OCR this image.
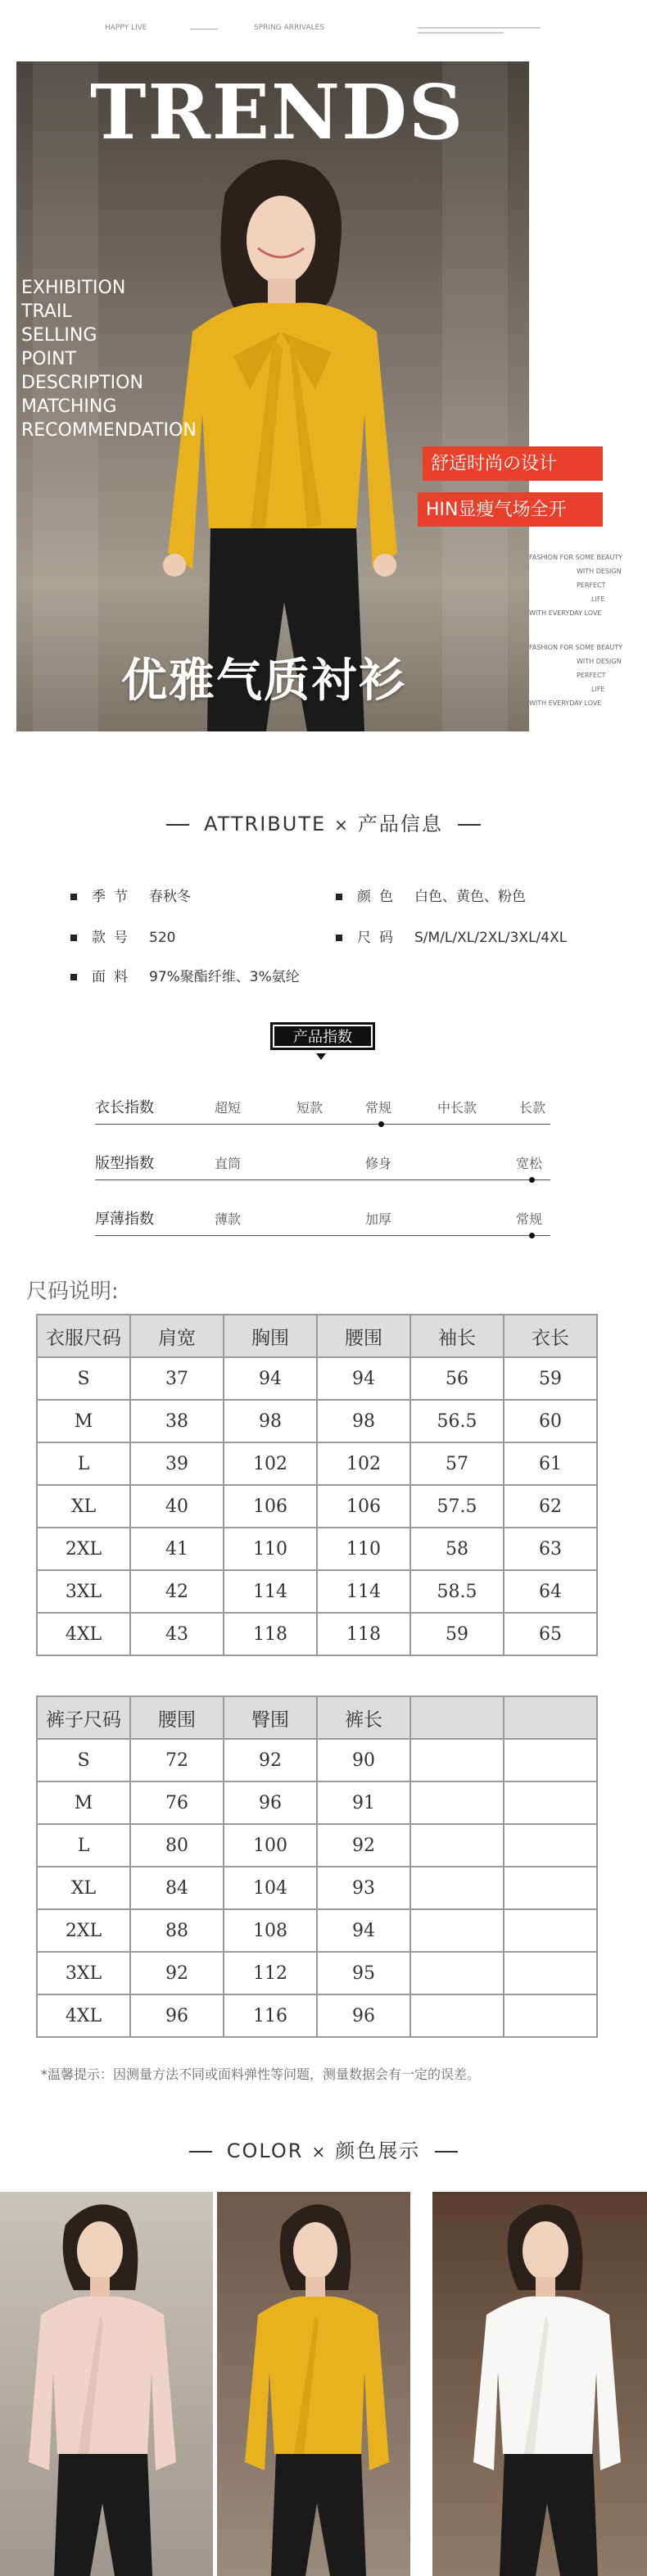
HAPPY LIVE	SPRING ARRIVALES
TRENDS
EXHIBITION
TRAIL
SELLING
POINT
DESCRIPTION
MATCHING
RECOMMENDATION
优雅气质衬衫
舒适时尚の设计
HIN显瘦气场全开
FASHION FOR SOME BEAUTY
WITH DESIGN
PERFECT
LIFE
WITH EVERYDAY LOVE
FASHION FOR SOME BEAUTY
WITH DESIGN
PERFECT
LIFE
WITH EVERYDAY LOVE
ATTRIBUTE × 产品信息
季节 春秋冬	颜色 白色、黄色、粉色
款号 520	尺码 S/M/L/XL/2XL/3XL/4XL
面料 97%聚酯纤维、3%氨纶
产品指数
衣长指数	超短	短款	常规	中长款	长款
版型指数	直筒	修身	宽松
厚薄指数	薄款	加厚	常规
尺码说明:
衣服尺码	肩宽	胸围	腰围	袖长	衣长
S	37	94	94	56	59
M	38	98	98	56.5	60
L	39	102	102	57	61
XL	40	106	106	57.5	62
2XL	41	110	110	58	63
3XL	42	114	114	58.5	64
4XL	43	118	118	59	65
裤子尺码	腰围	臀围	裤长		
S	72	92	90		
M	76	96	91		
L	80	100	92		
XL	84	104	93		
2XL	88	108	94		
3XL	92	112	95		
4XL	96	116	96		
*温馨提示：因测量方法不同或面料弹性等问题，测量数据会有一定的误差。
COLOR × 颜色展示
